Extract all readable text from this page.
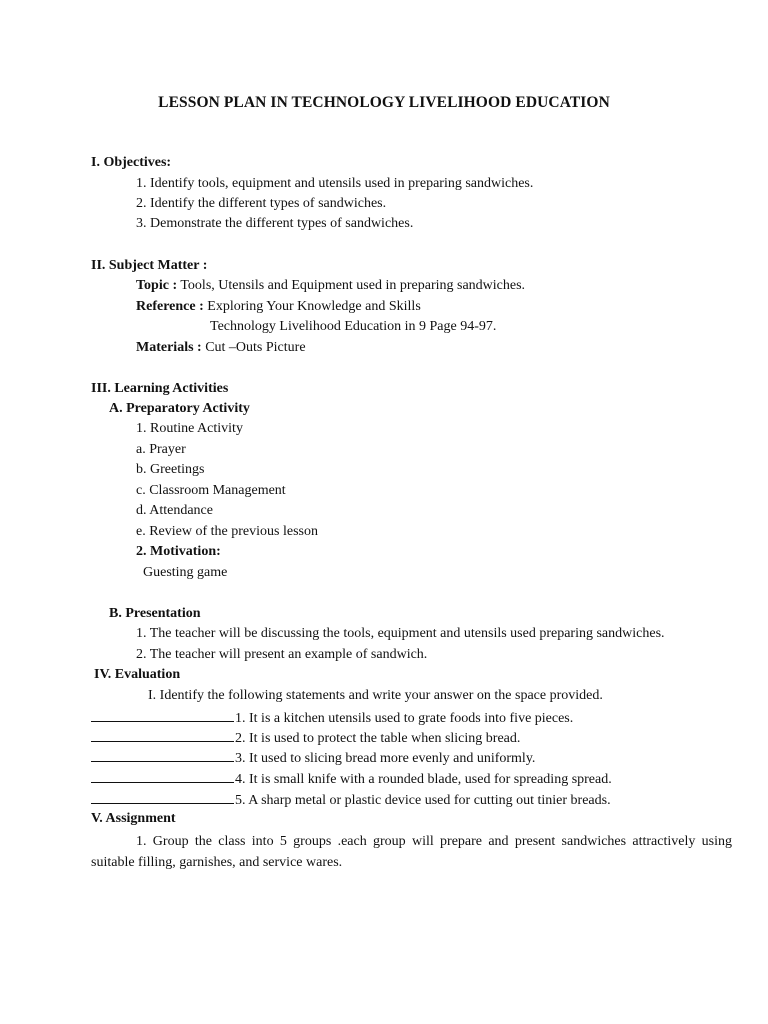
LESSON PLAN IN TECHNOLOGY LIVELIHOOD EDUCATION
I. Objectives:
1. Identify tools, equipment and utensils used in preparing sandwiches.
2. Identify the different types of sandwiches.
3. Demonstrate the different types of sandwiches.
II. Subject Matter :
Topic : Tools, Utensils and Equipment used in preparing sandwiches.
Reference : Exploring Your Knowledge and Skills
Technology Livelihood Education in 9 Page 94-97.
Materials : Cut –Outs Picture
III. Learning Activities
A. Preparatory Activity
1. Routine Activity
a. Prayer
b. Greetings
c. Classroom Management
d. Attendance
e. Review of the previous lesson
2. Motivation:
Guesting game
B. Presentation
1. The teacher will be discussing the tools, equipment and utensils used preparing sandwiches.
2. The teacher will present an example of sandwich.
IV. Evaluation
I. Identify the following statements and write your answer on the space provided.
1. It is a kitchen utensils used to grate foods into five pieces.
2. It is used to protect the table when slicing bread.
3. It used to slicing bread more evenly and uniformly.
4. It is small knife with a rounded blade, used for spreading spread.
5. A sharp metal or plastic device used for cutting out tinier breads.
V. Assignment
1. Group the class into 5 groups .each group will prepare and present sandwiches attractively using suitable filling, garnishes, and service wares.
